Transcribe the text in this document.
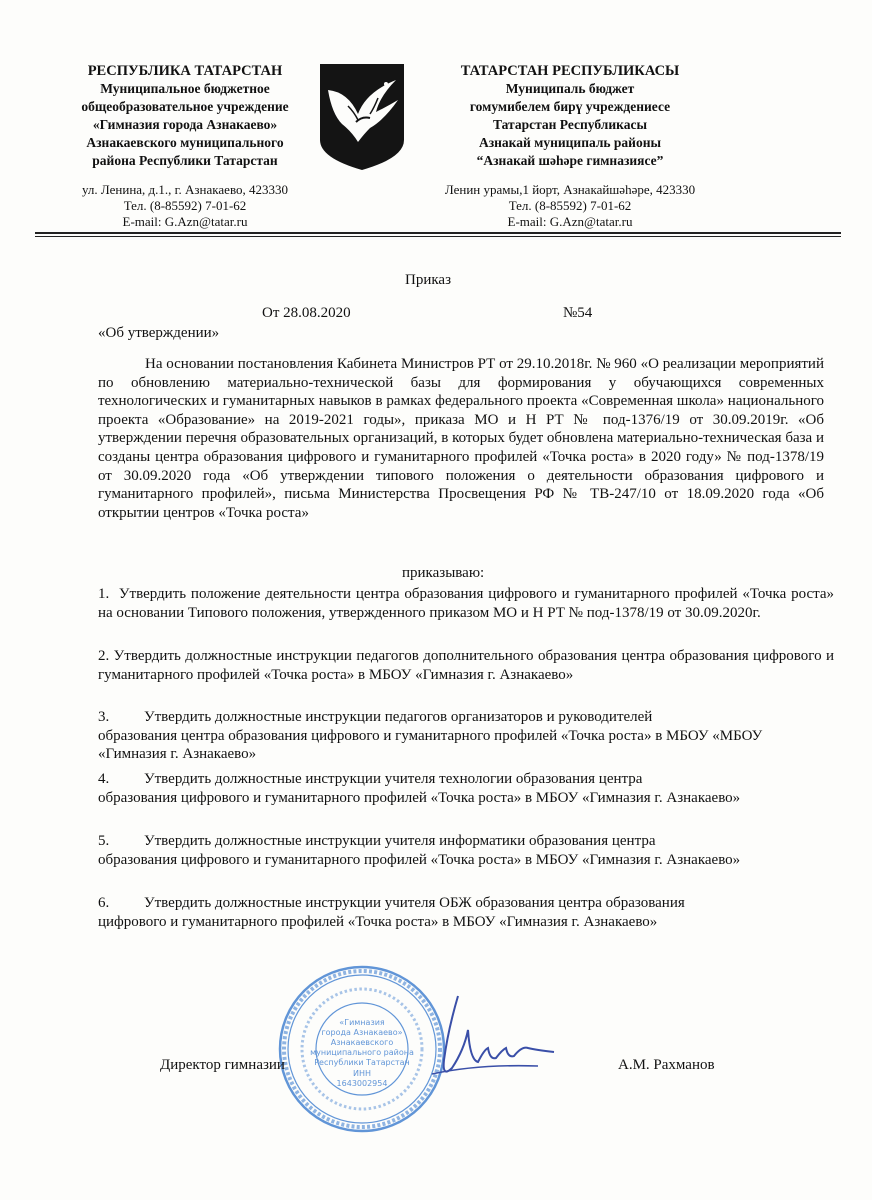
РЕСПУБЛИКА ТАТАРСТАН
Муниципальное бюджетное
общеобразовательное учреждение
«Гимназия города Азнакаево»
Азнакаевского муниципального
района Республики Татарстан
ул. Ленина, д.1., г. Азнакаево, 423330
Тел. (8-85592) 7-01-62
E-mail: G.Azn@tatar.ru
ТАТАРСТАН РЕСПУБЛИКАСЫ
Муниципаль бюджет
гомумибелем бирү учреждениесе
Татарстан Республикасы
Азнакай муниципаль районы
“Азнакай шәһәре гимназиясе”
Ленин урамы,1 йорт, Азнакайшәһәре, 423330
Тел. (8-85592) 7-01-62
E-mail: G.Azn@tatar.ru
Приказ
От 28.08.2020	№54
«Об утверждении»
На основании постановления Кабинета Министров РТ от 29.10.2018г. № 960 «О реализации мероприятий по обновлению материально-технической базы для формирования у обучающихся современных технологических и гуманитарных навыков в рамках федерального проекта «Современная школа» национального проекта «Образование» на 2019-2021 годы», приказа МО и Н РТ № под-1376/19 от 30.09.2019г. «Об утверждении перечня образовательных организаций, в которых будет обновлена материально-техническая база и созданы центра образования цифрового и гуманитарного профилей «Точка роста» в 2020 году» № под-1378/19 от 30.09.2020 года «Об утверждении типового положения о деятельности образования цифрового и гуманитарного профилей», письма Министерства Просвещения РФ № ТВ-247/10 от 18.09.2020 года «Об открытии центров «Точка роста»
приказываю:
1. Утвердить положение деятельности центра образования цифрового и гуманитарного профилей «Точка роста» на основании Типового положения, утвержденного приказом МО и Н РТ № под-1378/19 от 30.09.2020г.
2. Утвердить должностные инструкции педагогов дополнительного образования центра образования цифрового и гуманитарного профилей «Точка роста» в МБОУ «Гимназия г. Азнакаево»
3. Утвердить должностные инструкции педагогов организаторов и руководителей
образования центра образования цифрового и гуманитарного профилей «Точка роста» в МБОУ «МБОУ «Гимназия г. Азнакаево»
4. Утвердить должностные инструкции учителя технологии образования центра
образования цифрового и гуманитарного профилей «Точка роста» в МБОУ «Гимназия г. Азнакаево»
5. Утвердить должностные инструкции учителя информатики образования центра
образования цифрового и гуманитарного профилей «Точка роста» в МБОУ «Гимназия г. Азнакаево»
6. Утвердить должностные инструкции учителя ОБЖ образования центра образования
цифрового и гуманитарного профилей «Точка роста» в МБОУ «Гимназия г. Азнакаево»
«Гимназия
города Азнакаево»
Азнакаевского
муниципального района
Республики Татарстан
ИНН
1643002954
Директор гимназии	А.М. Рахманов
